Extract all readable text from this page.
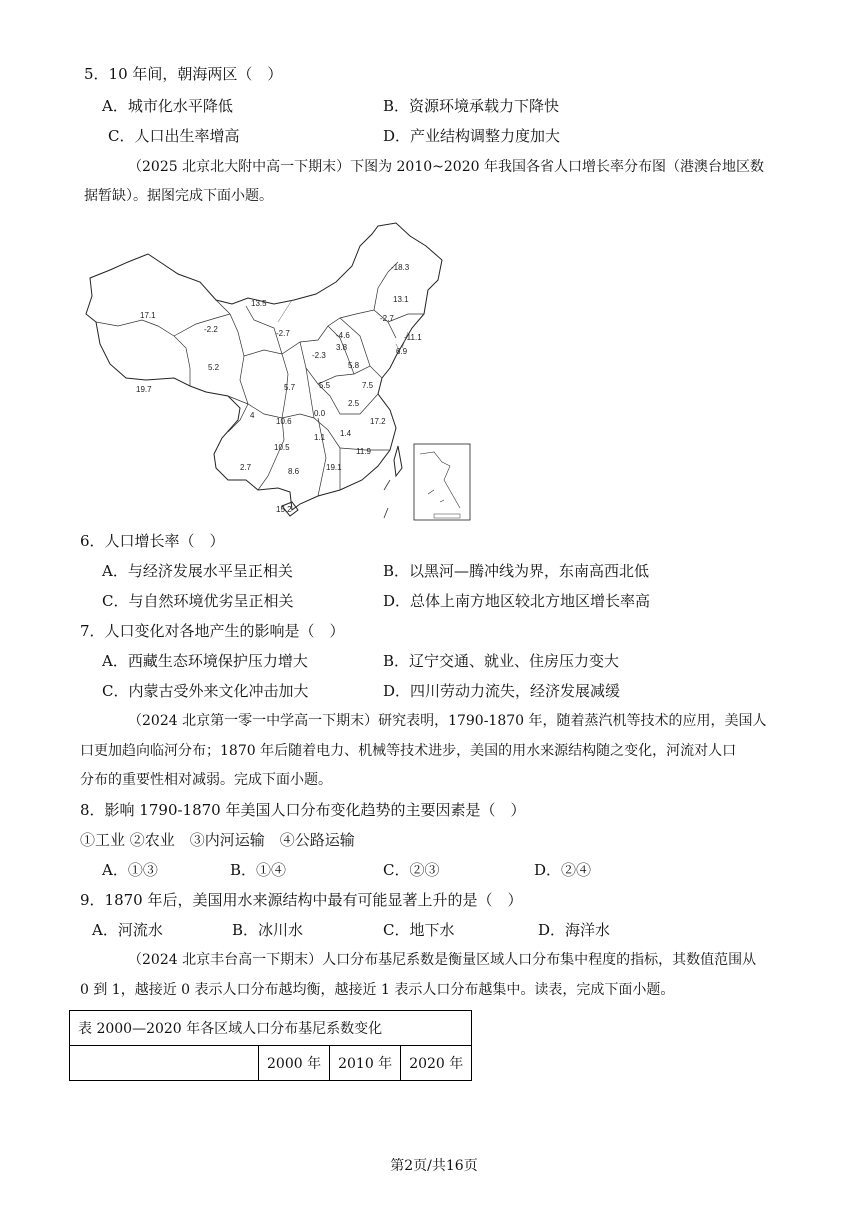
5．10 年间，朝海两区（　）
A．城市化水平降低	B．资源环境承载力下降快
C．人口出生率增高	D．产业结构调整力度加大
（2025 北京北大附中高一下期末）下图为 2010~2020 年我国各省人口增长率分布图（港澳台地区数
据暂缺）。据图完成下面小题。
-18.3
13.1
-2.7
-11.1
6.9
17.1
13.5
-2.2	-2.7
-2.3
3.8
5.8
5.2
5.7	5.5	7.5
19.7
4	0.0
2.5
10.6	17.2
1.1 1.4
10.5	11.9
2.7	8.6	19.1
15.2
-4.6
6．人口增长率（　）
A．与经济发展水平呈正相关	B．以黑河—腾冲线为界，东南高西北低
C．与自然环境优劣呈正相关	D．总体上南方地区较北方地区增长率高
7．人口变化对各地产生的影响是（　）
A．西藏生态环境保护压力增大	B．辽宁交通、就业、住房压力变大
C．内蒙古受外来文化冲击加大	D．四川劳动力流失，经济发展减缓
（2024 北京第一零一中学高一下期末）研究表明，1790-1870 年，随着蒸汽机等技术的应用，美国人
口更加趋向临河分布；1870 年后随着电力、机械等技术进步，美国的用水来源结构随之变化，河流对人口
分布的重要性相对减弱。完成下面小题。
8．影响 1790-1870 年美国人口分布变化趋势的主要因素是（　）
①工业 ②农业　③内河运输　④公路运输
A．①③	B．①④	C．②③	D．②④
9．1870 年后，美国用水来源结构中最有可能显著上升的是（　）
A．河流水	B．冰川水	C．地下水	D．海洋水
（2024 北京丰台高一下期末）人口分布基尼系数是衡量区域人口分布集中程度的指标，其数值范围从
0 到 1，越接近 0 表示人口分布越均衡，越接近 1 表示人口分布越集中。读表，完成下面小题。
表 2000—2020 年各区域人口分布基尼系数变化
	2000 年	2010 年	2020 年
第2页/共16页
